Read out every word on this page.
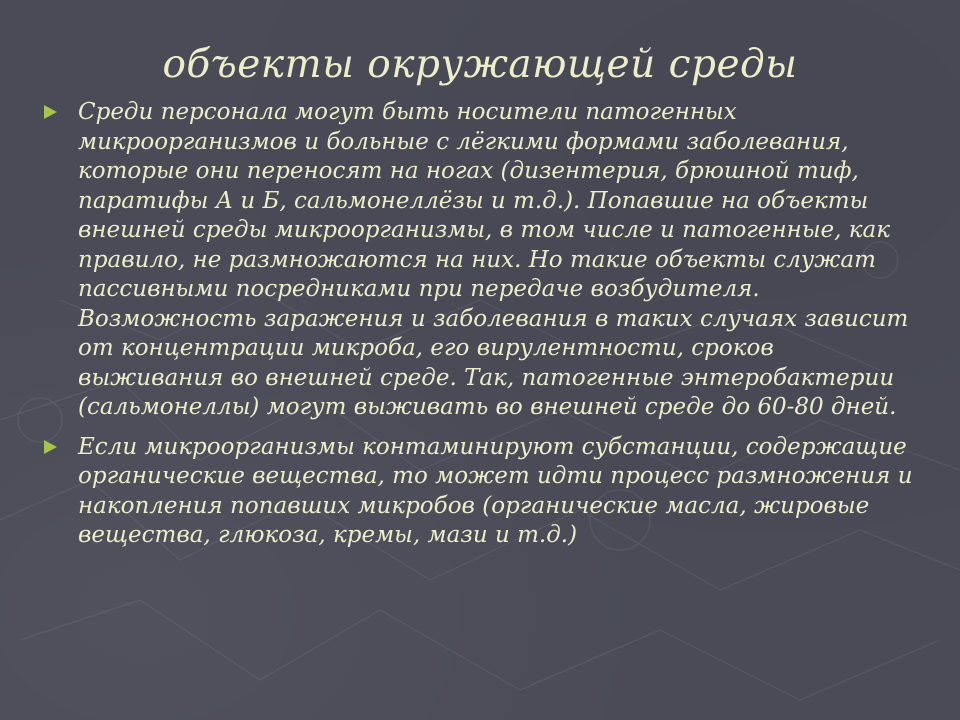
объекты окружающей среды

Среди персонала могут быть носители патогенных микроорганизмов и больные с лёгкими формами заболевания, которые они переносят на ногах (дизентерия, брюшной тиф, паратифы А и Б, сальмонеллёзы и т.д.). Попавшие на объекты внешней среды микроорганизмы, в том числе и патогенные, как правило, не размножаются на них. Но такие объекты служат пассивными посредниками при передаче возбудителя. Возможность заражения и заболевания в таких случаях зависит от концентрации микроба, его вирулентности, сроков выживания во внешней среде. Так, патогенные энтеробактерии (сальмонеллы) могут выживать во внешней среде до 60-80 дней.

Если микроорганизмы контаминируют субстанции, содержащие органические вещества, то может идти процесс размножения и накопления попавших микробов (органические масла, жировые вещества, глюкоза, кремы, мази и т.д.)
